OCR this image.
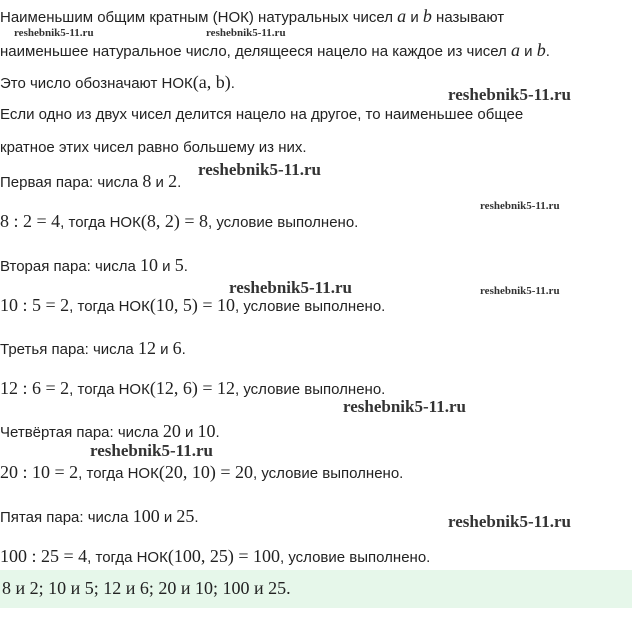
Наименьшим общим кратным (НОК) натуральных чисел a и b называют
наименьшее натуральное число, делящееся нацело на каждое из чисел a и b.
Это число обозначают НОК(a, b).
Если одно из двух чисел делится нацело на другое, то наименьшее общее
кратное этих чисел равно большему из них.
Первая пара: числа 8 и 2.
8 : 2 = 4, тогда НОК(8, 2) = 8, условие выполнено.
Вторая пара: числа 10 и 5.
10 : 5 = 2, тогда НОК(10, 5) = 10, условие выполнено.
Третья пара: числа 12 и 6.
12 : 6 = 2, тогда НОК(12, 6) = 12, условие выполнено.
Четвёртая пара: числа 20 и 10.
20 : 10 = 2, тогда НОК(20, 10) = 20, условие выполнено.
Пятая пара: числа 100 и 25.
100 : 25 = 4, тогда НОК(100, 25) = 100, условие выполнено.
8 и 2; 10 и 5; 12 и 6; 20 и 10; 100 и 25.
reshebnik5-11.ru	reshebnik5-11.ru
reshebnik5-11.ru
reshebnik5-11.ru
reshebnik5-11.ru
reshebnik5-11.ru	reshebnik5-11.ru
reshebnik5-11.ru
reshebnik5-11.ru
reshebnik5-11.ru
